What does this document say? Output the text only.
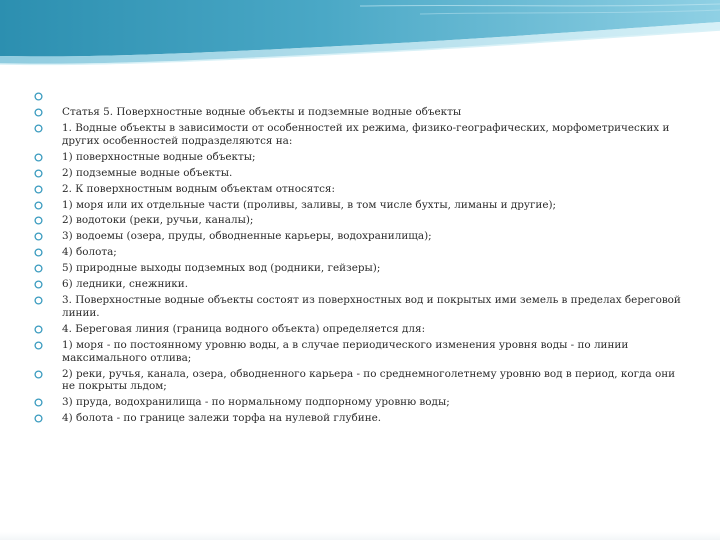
Статья 5. Поверхностные водные объекты и подземные водные объекты
1. Водные объекты в зависимости от особенностей их режима, физико-географических, морфометрических и других особенностей подразделяются на:
1) поверхностные водные объекты;
2) подземные водные объекты.
2. К поверхностным водным объектам относятся:
1) моря или их отдельные части (проливы, заливы, в том числе бухты, лиманы и другие);
2) водотоки (реки, ручьи, каналы);
3) водоемы (озера, пруды, обводненные карьеры, водохранилища);
4) болота;
5) природные выходы подземных вод (родники, гейзеры);
6) ледники, снежники.
3. Поверхностные водные объекты состоят из поверхностных вод и покрытых ими земель в пределах береговой линии.
4. Береговая линия (граница водного объекта) определяется для:
1) моря - по постоянному уровню воды, а в случае периодического изменения уровня воды - по линии максимального отлива;
2) реки, ручья, канала, озера, обводненного карьера - по среднемноголетнему уровню вод в период, когда они не покрыты льдом;
3) пруда, водохранилища - по нормальному подпорному уровню воды;
4) болота - по границе залежи торфа на нулевой глубине.
